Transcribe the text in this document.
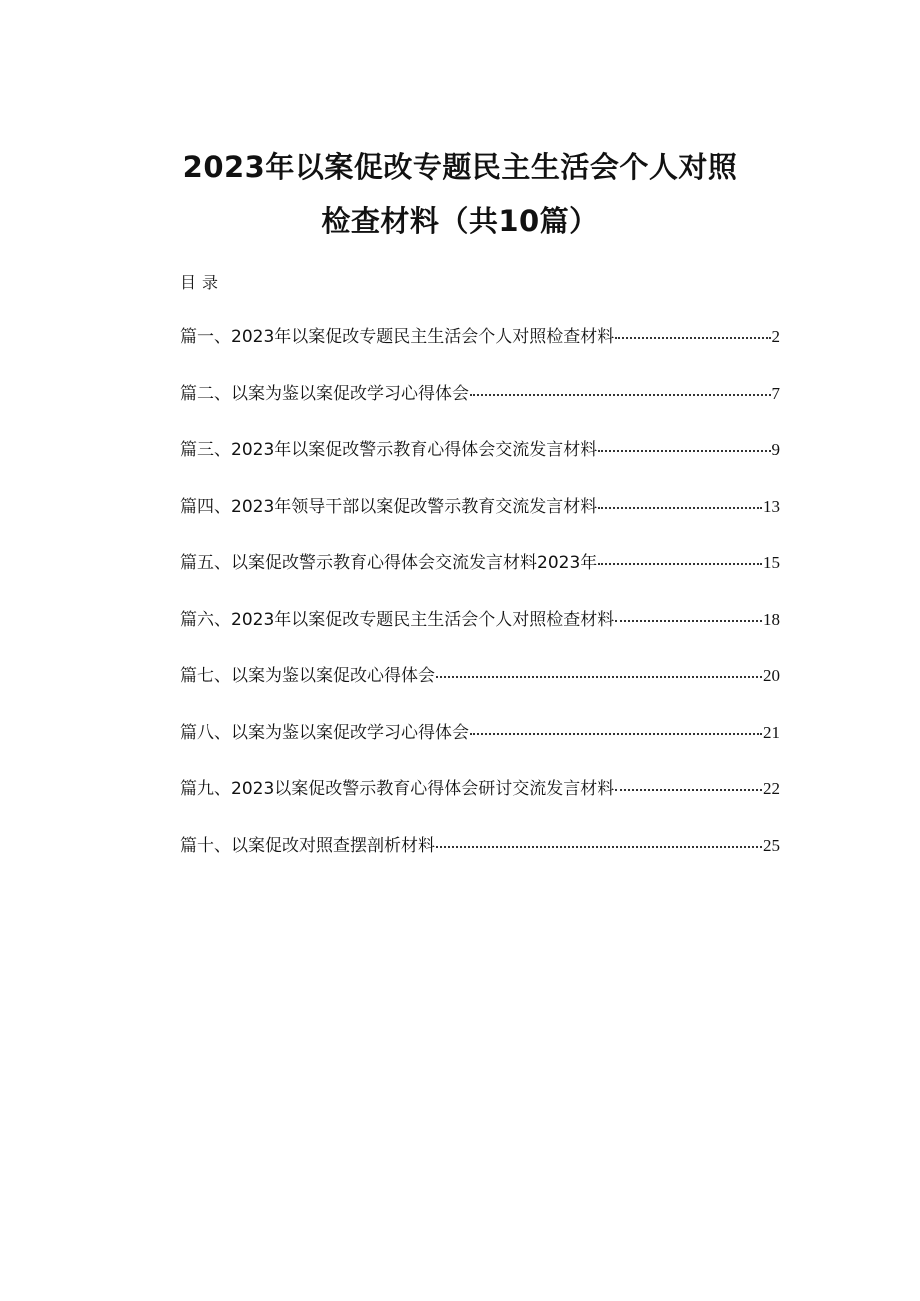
2023年以案促改专题民主生活会个人对照
检查材料（共10篇）
目录
篇一、2023年以案促改专题民主生活会个人对照检查材料	2
篇二、以案为鉴以案促改学习心得体会	7
篇三、2023年以案促改警示教育心得体会交流发言材料	9
篇四、2023年领导干部以案促改警示教育交流发言材料	13
篇五、以案促改警示教育心得体会交流发言材料2023年	15
篇六、2023年以案促改专题民主生活会个人对照检查材料	18
篇七、以案为鉴以案促改心得体会	20
篇八、以案为鉴以案促改学习心得体会	21
篇九、2023以案促改警示教育心得体会研讨交流发言材料	22
篇十、以案促改对照查摆剖析材料	25
